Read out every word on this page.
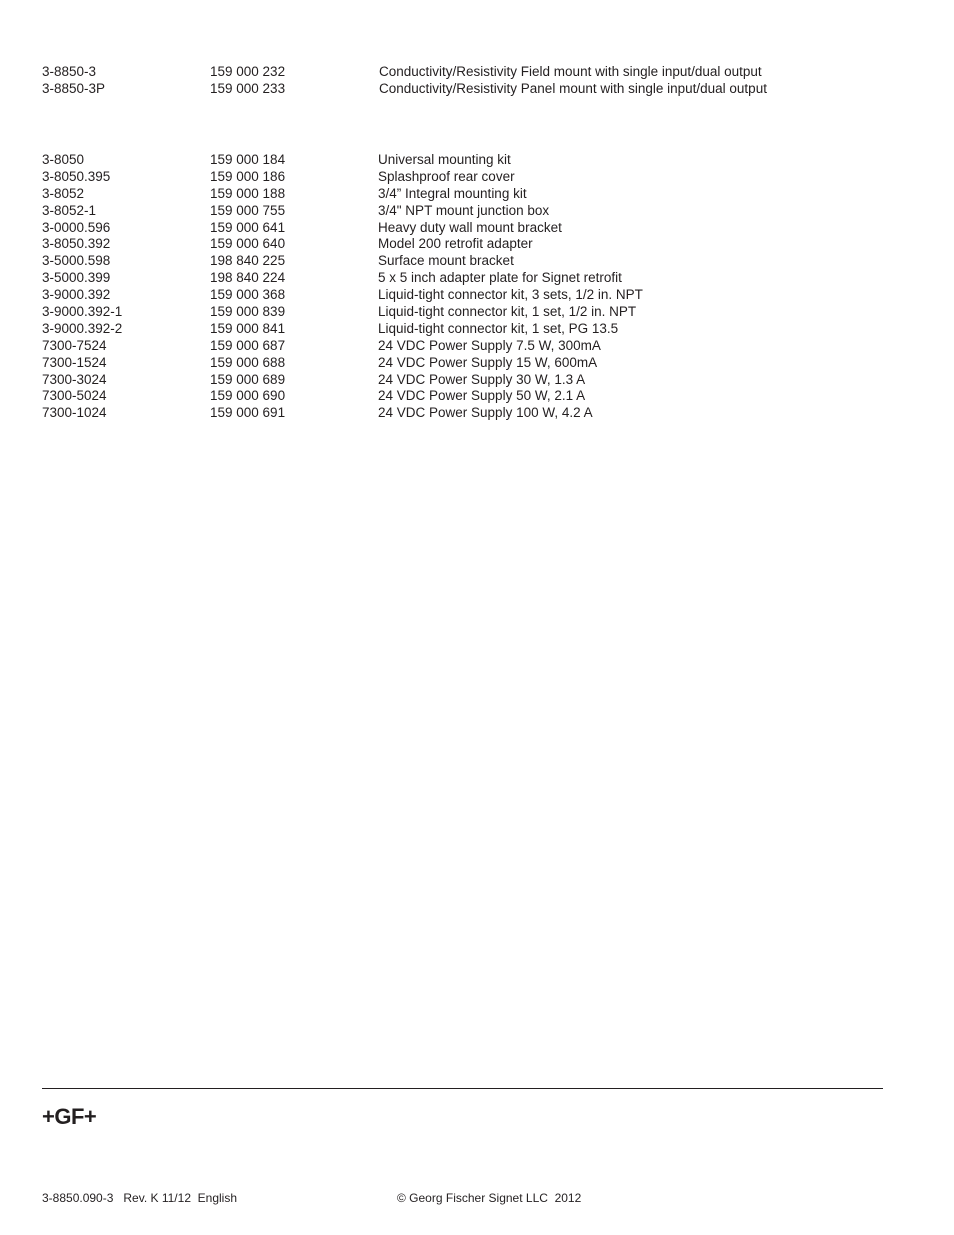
3-8850-3	159 000 232	Conductivity/Resistivity Field mount with single input/dual output
3-8850-3P	159 000 233	Conductivity/Resistivity Panel mount with single input/dual output
3-8050	159 000 184	Universal mounting kit
3-8050.395	159 000 186	Splashproof rear cover
3-8052	159 000 188	3/4” Integral mounting kit
3-8052-1	159 000 755	3/4" NPT mount junction box
3-0000.596	159 000 641	Heavy duty wall mount bracket
3-8050.392	159 000 640	Model 200 retrofit adapter
3-5000.598	198 840 225	Surface mount bracket
3-5000.399	198 840 224	5 x 5 inch adapter plate for Signet retrofit
3-9000.392	159 000 368	Liquid-tight connector kit, 3 sets, 1/2 in. NPT
3-9000.392-1	159 000 839	Liquid-tight connector kit, 1 set, 1/2 in. NPT
3-9000.392-2	159 000 841	Liquid-tight connector kit, 1 set, PG 13.5
7300-7524	159 000 687	24 VDC Power Supply 7.5 W, 300mA
7300-1524	159 000 688	24 VDC Power Supply 15 W, 600mA
7300-3024	159 000 689	24 VDC Power Supply 30 W, 1.3 A
7300-5024	159 000 690	24 VDC Power Supply 50 W, 2.1 A
7300-1024	159 000 691	24 VDC Power Supply 100 W, 4.2 A
+GF+
3-8850.090-3   Rev. K 11/12  English	© Georg Fischer Signet LLC  2012
